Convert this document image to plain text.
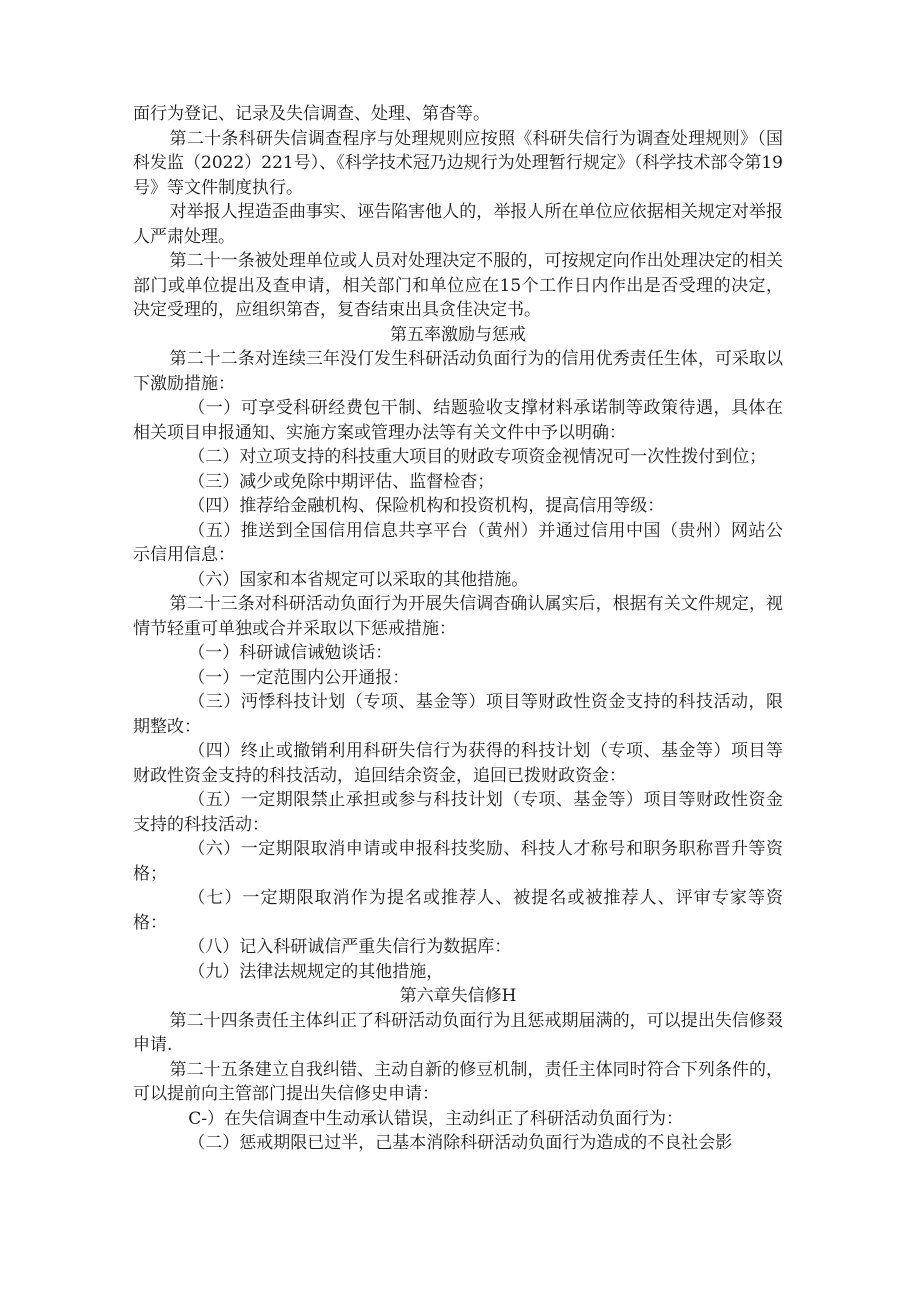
面行为登记、记录及失信调查、处理、第杳等。

第二十条科研失信调查程序与处理规则应按照《科研失信行为调查处理规则》（国科发监（2022）221号）、《科学技术冠乃边规行为处理暂行规定》（科学技术部令第19号》等文件制度执行。

对举报人捏造歪曲事实、诬告陷害他人的，举报人所在单位应依据相关规定对举报人严肃处理。

第二十一条被处理单位或人员对处理决定不服的，可按规定向作出处理决定的相关部门或单位提出及查申请，相关部门和单位应在15个工作日内作出是否受理的决定，决定受理的，应组织第杳，复杳结束出具贪佳决定书。

第五率激励与惩戒

第二十二条对连续三年没仃发生科研活动负面行为的信用优秀责任生体，可采取以下激励措施：

（一）可享受科研经费包干制、结题验收支撑材料承诺制等政策待遇，具体在相关项目申报通知、实施方案或管理办法等有关文件中予以明确：

（二）对立项支持的科技重大项目的财政专项资金视情况可一次性拨付到位；

（三）减少或免除中期评估、监督检杳；

（四）推荐给金融机构、保险机构和投资机构，提高信用等级：

（五）推送到全国信用信息共享平台（黄州）并通过信用中国（贵州）网站公示信用信息：

（六）国家和本省规定可以采取的其他措施。

第二十三条对科研活动负面行为开展失信调杳确认属实后，根据有关文件规定，视情节轻重可单独或合并采取以下惩戒措施：

（一）科研诚信诫勉谈话：

（一）一定范围内公开通报：

（三）沔悸科技计划（专项、基金等）项目等财政性资金支持的科技活动，限期整改：

（四）终止或撤销利用科研失信行为获得的科技计划（专项、基金等）项目等财政性资金支持的科技活动，追回结余资金，追回已拨财政资金：

（五）一定期限禁止承担或参与科技计划（专项、基金等）项目等财政性资金支持的科技活动：

（六）一定期限取消申请或申报科技奖励、科技人才称号和职务职称晋升等资格；

（七）一定期限取消作为提名或推荐人、被提名或被推荐人、评审专家等资格：

（八）记入科研诚信严重失信行为数据库：

（九）法律法规规定的其他措施，

第六章失信修H

第二十四条责任主体纠正了科研活动负面行为且惩戒期届满的，可以提出失信修叕申请.

第二十五条建立自我纠错、主动自新的修豆机制，责任主体同时符合下列条件的，可以提前向主管部门提出失信修史申请：

C-）在失信调查中生动承认错误，主动纠正了科研活动负面行为：

（二）惩戒期限已过半，己基本消除科研活动负面行为造成的不良社会影
